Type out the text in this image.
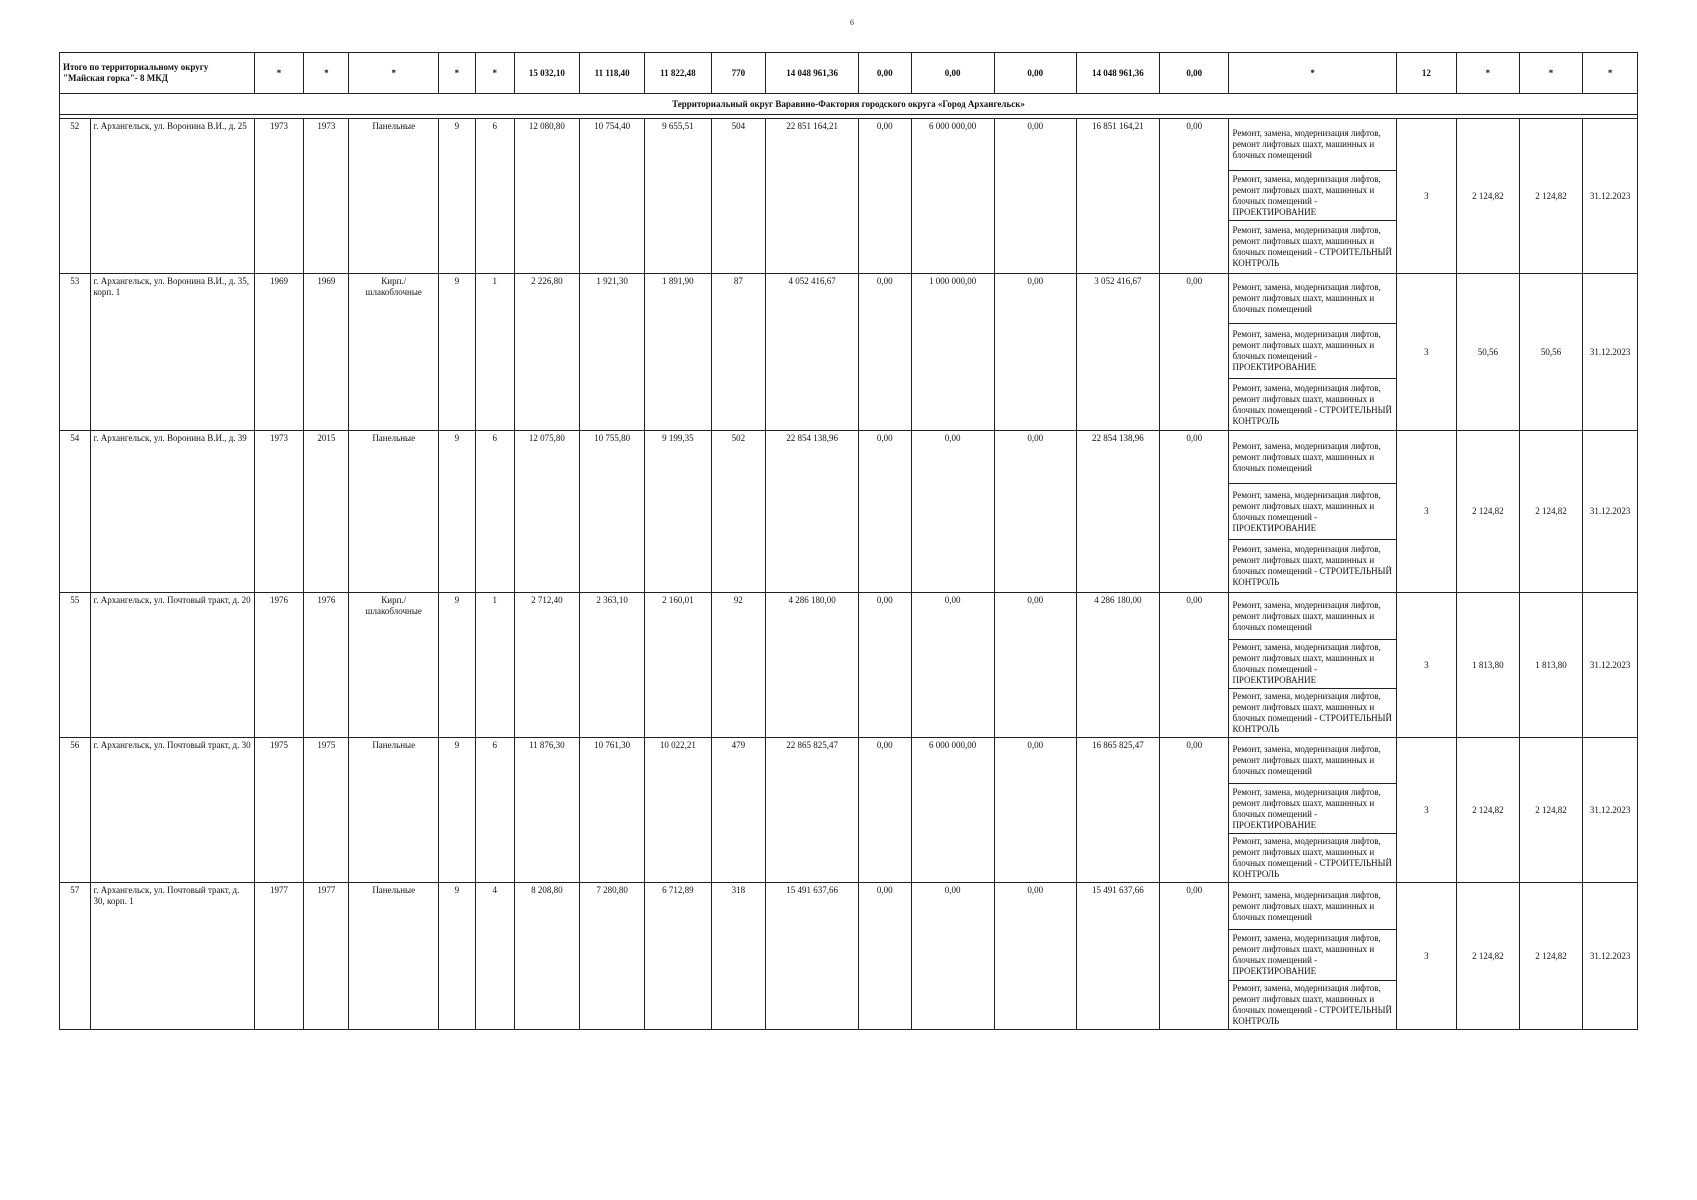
6
Итого по территориальному округу "Майская горка"- 8 МКД		*	*	*	*	*	15 032,10	11 118,40	11 822,48	770	14 048 961,36	0,00	0,00	0,00	14 048 961,36	0,00	*	12	*	*	*
Территориальный округ Варавино-Фактория городского округа «Город Архангельск»																					

52	г. Архангельск, ул. Воронина В.И., д. 25	1973	1973	Панельные	9	6	12 080,80	10 754,40	9 655,51	504	22 851 164,21	0,00	6 000 000,00	0,00	16 851 164,21	0,00	Ремонт, замена, модернизация лифтов, ремонт лифтовых шахт, машинных и блочных помещений	3	2 124,82	2 124,82	31.12.2023
																	Ремонт, замена, модернизация лифтов, ремонт лифтовых шахт, машинных и блочных помещений - ПРОЕКТИРОВАНИЕ				
																	Ремонт, замена, модернизация лифтов, ремонт лифтовых шахт, машинных и блочных помещений - СТРОИТЕЛЬНЫЙ КОНТРОЛЬ				
53	г. Архангельск, ул. Воронина В.И., д. 35, корп. 1	1969	1969	Кирп./ шлакоблочные	9	1	2 226,80	1 921,30	1 891,90	87	4 052 416,67	0,00	1 000 000,00	0,00	3 052 416,67	0,00	Ремонт, замена, модернизация лифтов, ремонт лифтовых шахт, машинных и блочных помещений	3	50,56	50,56	31.12.2023
																	Ремонт, замена, модернизация лифтов, ремонт лифтовых шахт, машинных и блочных помещений - ПРОЕКТИРОВАНИЕ				
																	Ремонт, замена, модернизация лифтов, ремонт лифтовых шахт, машинных и блочных помещений - СТРОИТЕЛЬНЫЙ КОНТРОЛЬ				
54	г. Архангельск, ул. Воронина В.И., д. 39	1973	2015	Панельные	9	6	12 075,80	10 755,80	9 199,35	502	22 854 138,96	0,00	0,00	0,00	22 854 138,96	0,00	Ремонт, замена, модернизация лифтов, ремонт лифтовых шахт, машинных и блочных помещений	3	2 124,82	2 124,82	31.12.2023
																	Ремонт, замена, модернизация лифтов, ремонт лифтовых шахт, машинных и блочных помещений - ПРОЕКТИРОВАНИЕ				
																	Ремонт, замена, модернизация лифтов, ремонт лифтовых шахт, машинных и блочных помещений - СТРОИТЕЛЬНЫЙ КОНТРОЛЬ				
55	г. Архангельск, ул. Почтовый тракт, д. 20	1976	1976	Кирп./ шлакоблочные	9	1	2 712,40	2 363,10	2 160,01	92	4 286 180,00	0,00	0,00	0,00	4 286 180,00	0,00	Ремонт, замена, модернизация лифтов, ремонт лифтовых шахт, машинных и блочных помещений	3	1 813,80	1 813,80	31.12.2023
																	Ремонт, замена, модернизация лифтов, ремонт лифтовых шахт, машинных и блочных помещений - ПРОЕКТИРОВАНИЕ				
																	Ремонт, замена, модернизация лифтов, ремонт лифтовых шахт, машинных и блочных помещений - СТРОИТЕЛЬНЫЙ КОНТРОЛЬ				
56	г. Архангельск, ул. Почтовый тракт, д. 30	1975	1975	Панельные	9	6	11 876,30	10 761,30	10 022,21	479	22 865 825,47	0,00	6 000 000,00	0,00	16 865 825,47	0,00	Ремонт, замена, модернизация лифтов, ремонт лифтовых шахт, машинных и блочных помещений	3	2 124,82	2 124,82	31.12.2023
																	Ремонт, замена, модернизация лифтов, ремонт лифтовых шахт, машинных и блочных помещений - ПРОЕКТИРОВАНИЕ				
																	Ремонт, замена, модернизация лифтов, ремонт лифтовых шахт, машинных и блочных помещений - СТРОИТЕЛЬНЫЙ КОНТРОЛЬ				
57	г. Архангельск, ул. Почтовый тракт, д. 30, корп. 1	1977	1977	Панельные	9	4	8 208,80	7 280,80	6 712,89	318	15 491 637,66	0,00	0,00	0,00	15 491 637,66	0,00	Ремонт, замена, модернизация лифтов, ремонт лифтовых шахт, машинных и блочных помещений	3	2 124,82	2 124,82	31.12.2023
																	Ремонт, замена, модернизация лифтов, ремонт лифтовых шахт, машинных и блочных помещений - ПРОЕКТИРОВАНИЕ				
																	Ремонт, замена, модернизация лифтов, ремонт лифтовых шахт, машинных и блочных помещений - СТРОИТЕЛЬНЫЙ КОНТРОЛЬ				
